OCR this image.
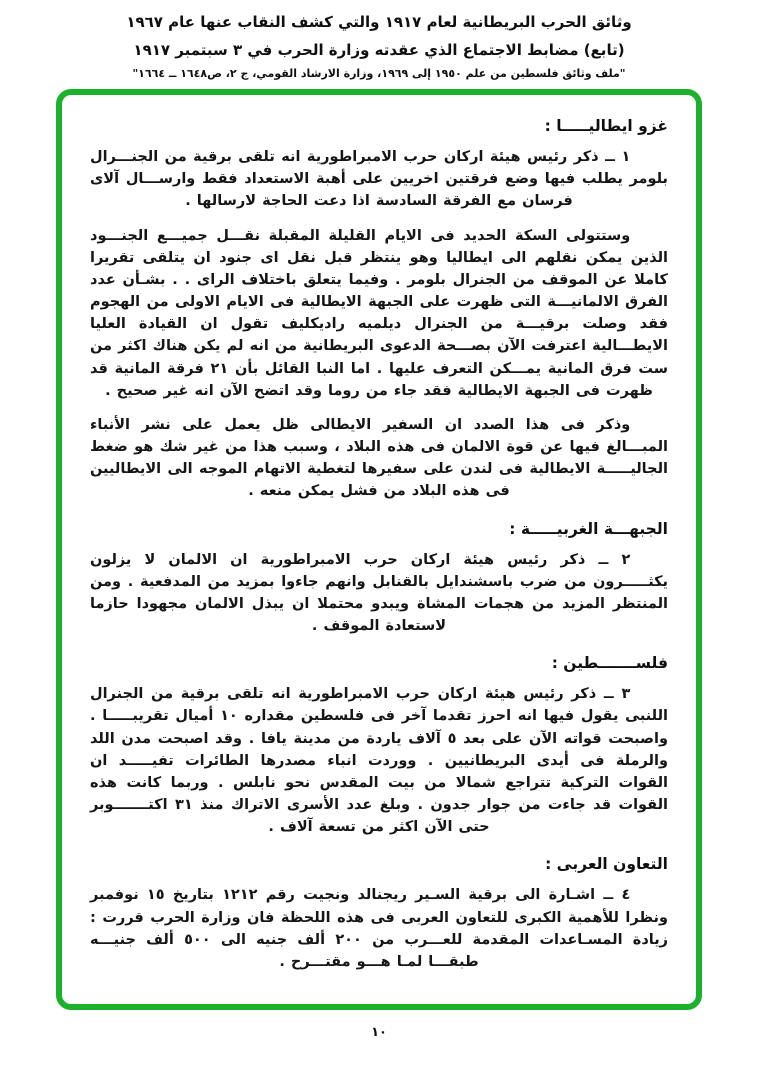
وثائق الحرب البريطانية لعام ١٩١٧ والتي كشف النقاب عنها عام ١٩٦٧
(تابع) مضابط الاجتماع الذي عقدته وزارة الحرب في ٣ سبتمبر ١٩١٧
"ملف وثائق فلسطين من علم ١٩٥٠ إلى ١٩٦٩، وزارة الارشاد القومي، ج ٢، ص١٦٤٨ ــ ١٦٦٤"
غزو ايطاليـــــا :

١ ــ ذكر رئيس هيئة اركان حرب الامبراطورية انه تلقى برقية من الجنـــرال بلومر يطلب فيها وضع فرقتين اخريين على أهبة الاستعداد فقط وارســـال آلاى فرسان مع الفرقة السادسة اذا دعت الحاجة لارسالها .

وستتولى السكة الحديد فى الايام القليلة المقبلة نقـــل جميـــع الجنـــود الذين يمكن نقلهم الى ايطاليا وهو ينتظر قبل نقل اى جنود ان يتلقى تقريرا كاملا عن الموقف من الجنرال بلومر . وفيما يتعلق باختلاف الراى . . بشـأن عدد الفرق الالمانيـــة التى ظهرت على الجبهة الايطالية فى الايام الاولى من الهجوم فقد وصلت برقيـــة من الجنرال ديلميه راديكليف تقول ان القيادة العليا الايطـــالية اعترفت الآن بصـــحة الدعوى البريطانية من انه لم يكن هناك اكثر من ست فرق المانية يمـــكن التعرف عليها . اما النبا القائل بأن ٢١ فرقة المانية قد ظهرت فى الجبهة الايطالية فقد جاء من روما وقد اتضح الآن انه غير صحيح .

وذكر فى هذا الصدد ان السفير الايطالى ظل يعمل على نشر الأنباء المبـــالغ فيها عن قوة الالمان فى هذه البلاد ، وسبب هذا من غير شك هو ضغط الجاليـــــة الايطالية فى لندن على سفيرها لتغطية الاتهام الموجه الى الايطاليين فى هذه البلاد من فشل يمكن منعه .

الجبهـــة الغربيـــــة :

٢ ــ ذكر رئيس هيئة اركان حرب الامبراطورية ان الالمان لا يزلون يكثـــــرون من ضرب باسشندايل بالقنابل وانهم جاءوا بمزيد من المدفعية . ومن المنتظر المزيد من هجمات المشاة ويبدو محتملا ان يبذل الالمان مجهودا حازما لاستعادة الموقف .

فلســـــــطين :

٣ ــ ذكر رئيس هيئة اركان حرب الامبراطورية انه تلقى برقية من الجنرال اللنبى يقول فيها انه احرز تقدما آخر فى فلسطين مقداره ١٠ أميال تقريبـــــا . واصبحت قواته الآن على بعد ٥ آلاف ياردة من مدينة يافا . وقد اصبحت مدن اللد والرملة فى أيدى البريطانيين . ووردت انباء مصدرها الطائرات تفيـــــد ان القوات التركية تتراجع شمالا من بيت المقدس نحو نابلس . وربما كانت هذه القوات قد جاءت من جوار جدون . وبلغ عدد الأسرى الاتراك منذ ٣١ اكتـــــــوبر حتى الآن اكثر من تسعة آلاف .

التعاون العربى :

٤ ــ اشـارة الى برقية السـير ريجنالد ونجيت رقم ١٢١٢ بتاريخ ١٥ نوفمبر ونظرا للأهمية الكبرى للتعاون العربى فى هذه اللحظة فان وزارة الحرب قررت : زيادة المسـاعدات المقدمة للعـــرب من ٢٠٠ ألف جنيه الى ٥٠٠ ألف جنيـــه طبقـــا لمـا هـــو مقتـــرح .

١٠
